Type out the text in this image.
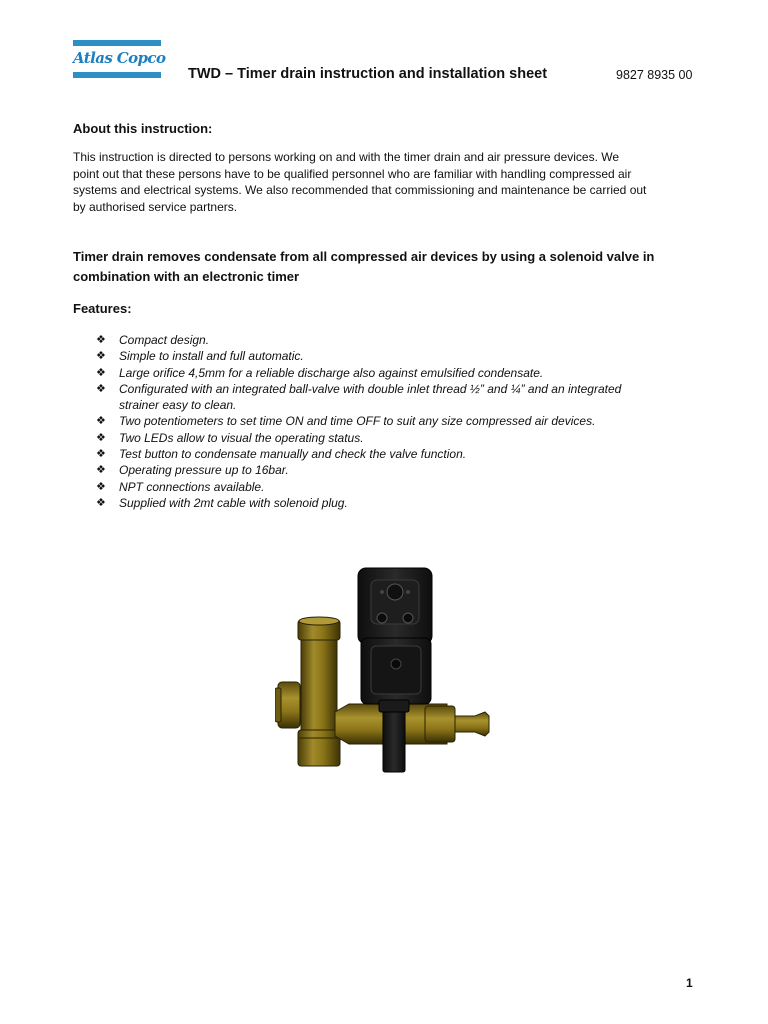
Atlas Copco
TWD – Timer drain instruction and installation sheet	9827 8935 00
About this instruction:

This instruction is directed to persons working on and with the timer drain and air pressure devices. We
point out that these persons have to be qualified personnel who are familiar with handling compressed air
systems and electrical systems. We also recommended that commissioning and maintenance be carried out
by authorised service partners.

Timer drain removes condensate from all compressed air devices by using a solenoid valve in
combination with an electronic timer

Features:
❖ Compact design.
❖ Simple to install and full automatic.
❖ Large orifice 4,5mm for a reliable discharge also against emulsified condensate.
❖ Configurated with an integrated ball-valve with double inlet thread ½” and ¼” and an integrated
strainer easy to clean.
❖ Two potentiometers to set time ON and time OFF to suit any size compressed air devices.
❖ Two LEDs allow to visual the operating status.
❖ Test button to condensate manually and check the valve function.
❖ Operating pressure up to 16bar.
❖ NPT connections available.
❖ Supplied with 2mt cable with solenoid plug.
1
